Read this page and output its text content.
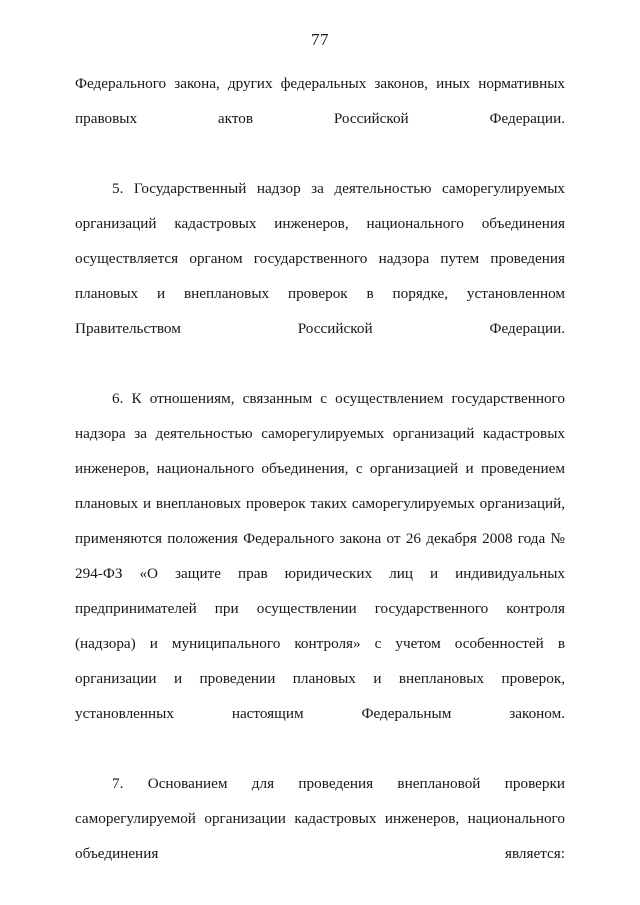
77

Федерального закона, других федеральных законов, иных нормативных правовых актов Российской Федерации.

5. Государственный надзор за деятельностью саморегулируемых организаций кадастровых инженеров, национального объединения осуществляется органом государственного надзора путем проведения плановых и внеплановых проверок в порядке, установленном Правительством Российской Федерации.

6. К отношениям, связанным с осуществлением государственного надзора за деятельностью саморегулируемых организаций кадастровых инженеров, национального объединения, с организацией и проведением плановых и внеплановых проверок таких саморегулируемых организаций, применяются положения Федерального закона от 26 декабря 2008 года № 294-ФЗ «О защите прав юридических лиц и индивидуальных предпринимателей при осуществлении государственного контроля (надзора) и муниципального контроля» с учетом особенностей в организации и проведении плановых и внеплановых проверок, установленных настоящим Федеральным законом.

7. Основанием для проведения внеплановой проверки саморегулируемой организации кадастровых инженеров, национального объединения является:
